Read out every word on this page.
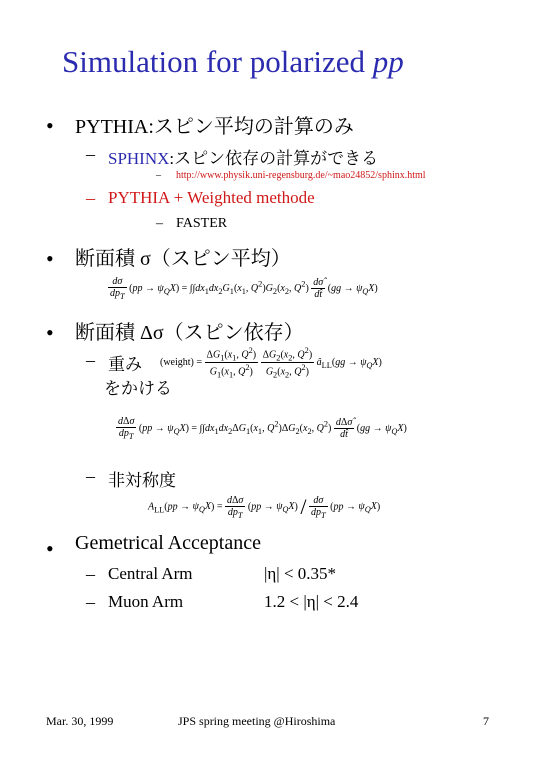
Simulation for polarized pp
• PYTHIA:スピン平均の計算のみ
– SPHINX:スピン依存の計算ができる
– http://www.physik.uni-regensburg.de/~mao24852/sphinx.html
– PYTHIA + Weighted methode
– FASTER
• 断面積 σ（スピン平均）
$\frac{d\sigma}{dp_T} (pp \to \psi_QX) = \int\int dx_1dx_2G_1(x_1$, $Q^2)G_2(x_2$, $Q^2) \frac{d\sigmâ}{dt̂} (gg \to \psi_QX)$
• 断面積 Δσ（スピン依存）
– 重み
をかける
(weight) = $\frac{\Delta G_1(x_1, Q^2)}{G_1(x_1, Q^2)}$
$\frac{\Delta G_2(x_2, Q^2)}{G_2(x_2, Q^2)}$ $â_{LL}(gg \to \psi_QX)$
$\frac{\text{dΔσ}}{dp_T} (pp \to \psi_QX) = \int\int dx_1dx_2\Delta G_1(x_1$, $Q^2)\Delta G_2(x_2$, $Q^2) \frac{\text{dΔσ̂}}{dt̂} (gg \to \psi_QX)$
– 非対称度
$A_{LL}(pp \to \psi_QX) = \frac{\text{dΔσ}}{dp_T} (pp \to \psi_QX) / \frac{d\sigma}{dp_T} (pp \to \psi_QX)$
• Gemetrical Acceptance
– Central Arm	|η| < 0.35*
– Muon Arm	1.2 < |η| < 2.4
Mar. 30, 1999	JPS spring meeting @Hiroshima	7
